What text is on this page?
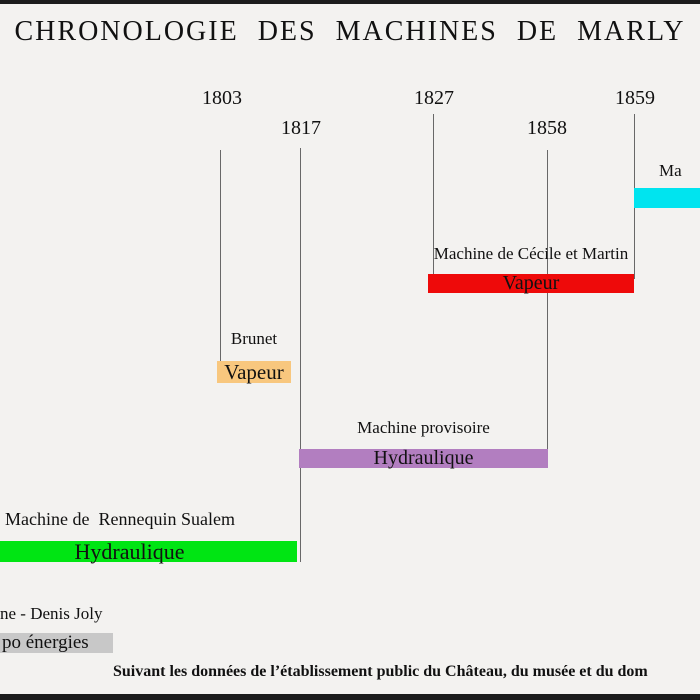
CHRONOLOGIE DES MACHINES DE MARLY
1803
1817
1827
1858
1859
Ma
Machine de Cécile et Martin
Vapeur
Brunet
Vapeur
Machine provisoire
Hydraulique
Machine de  Rennequin Sualem
Hydraulique
ne - Denis Joly
po énergies
Suivant les données de l’établissement public du Château, du musée et du dom
